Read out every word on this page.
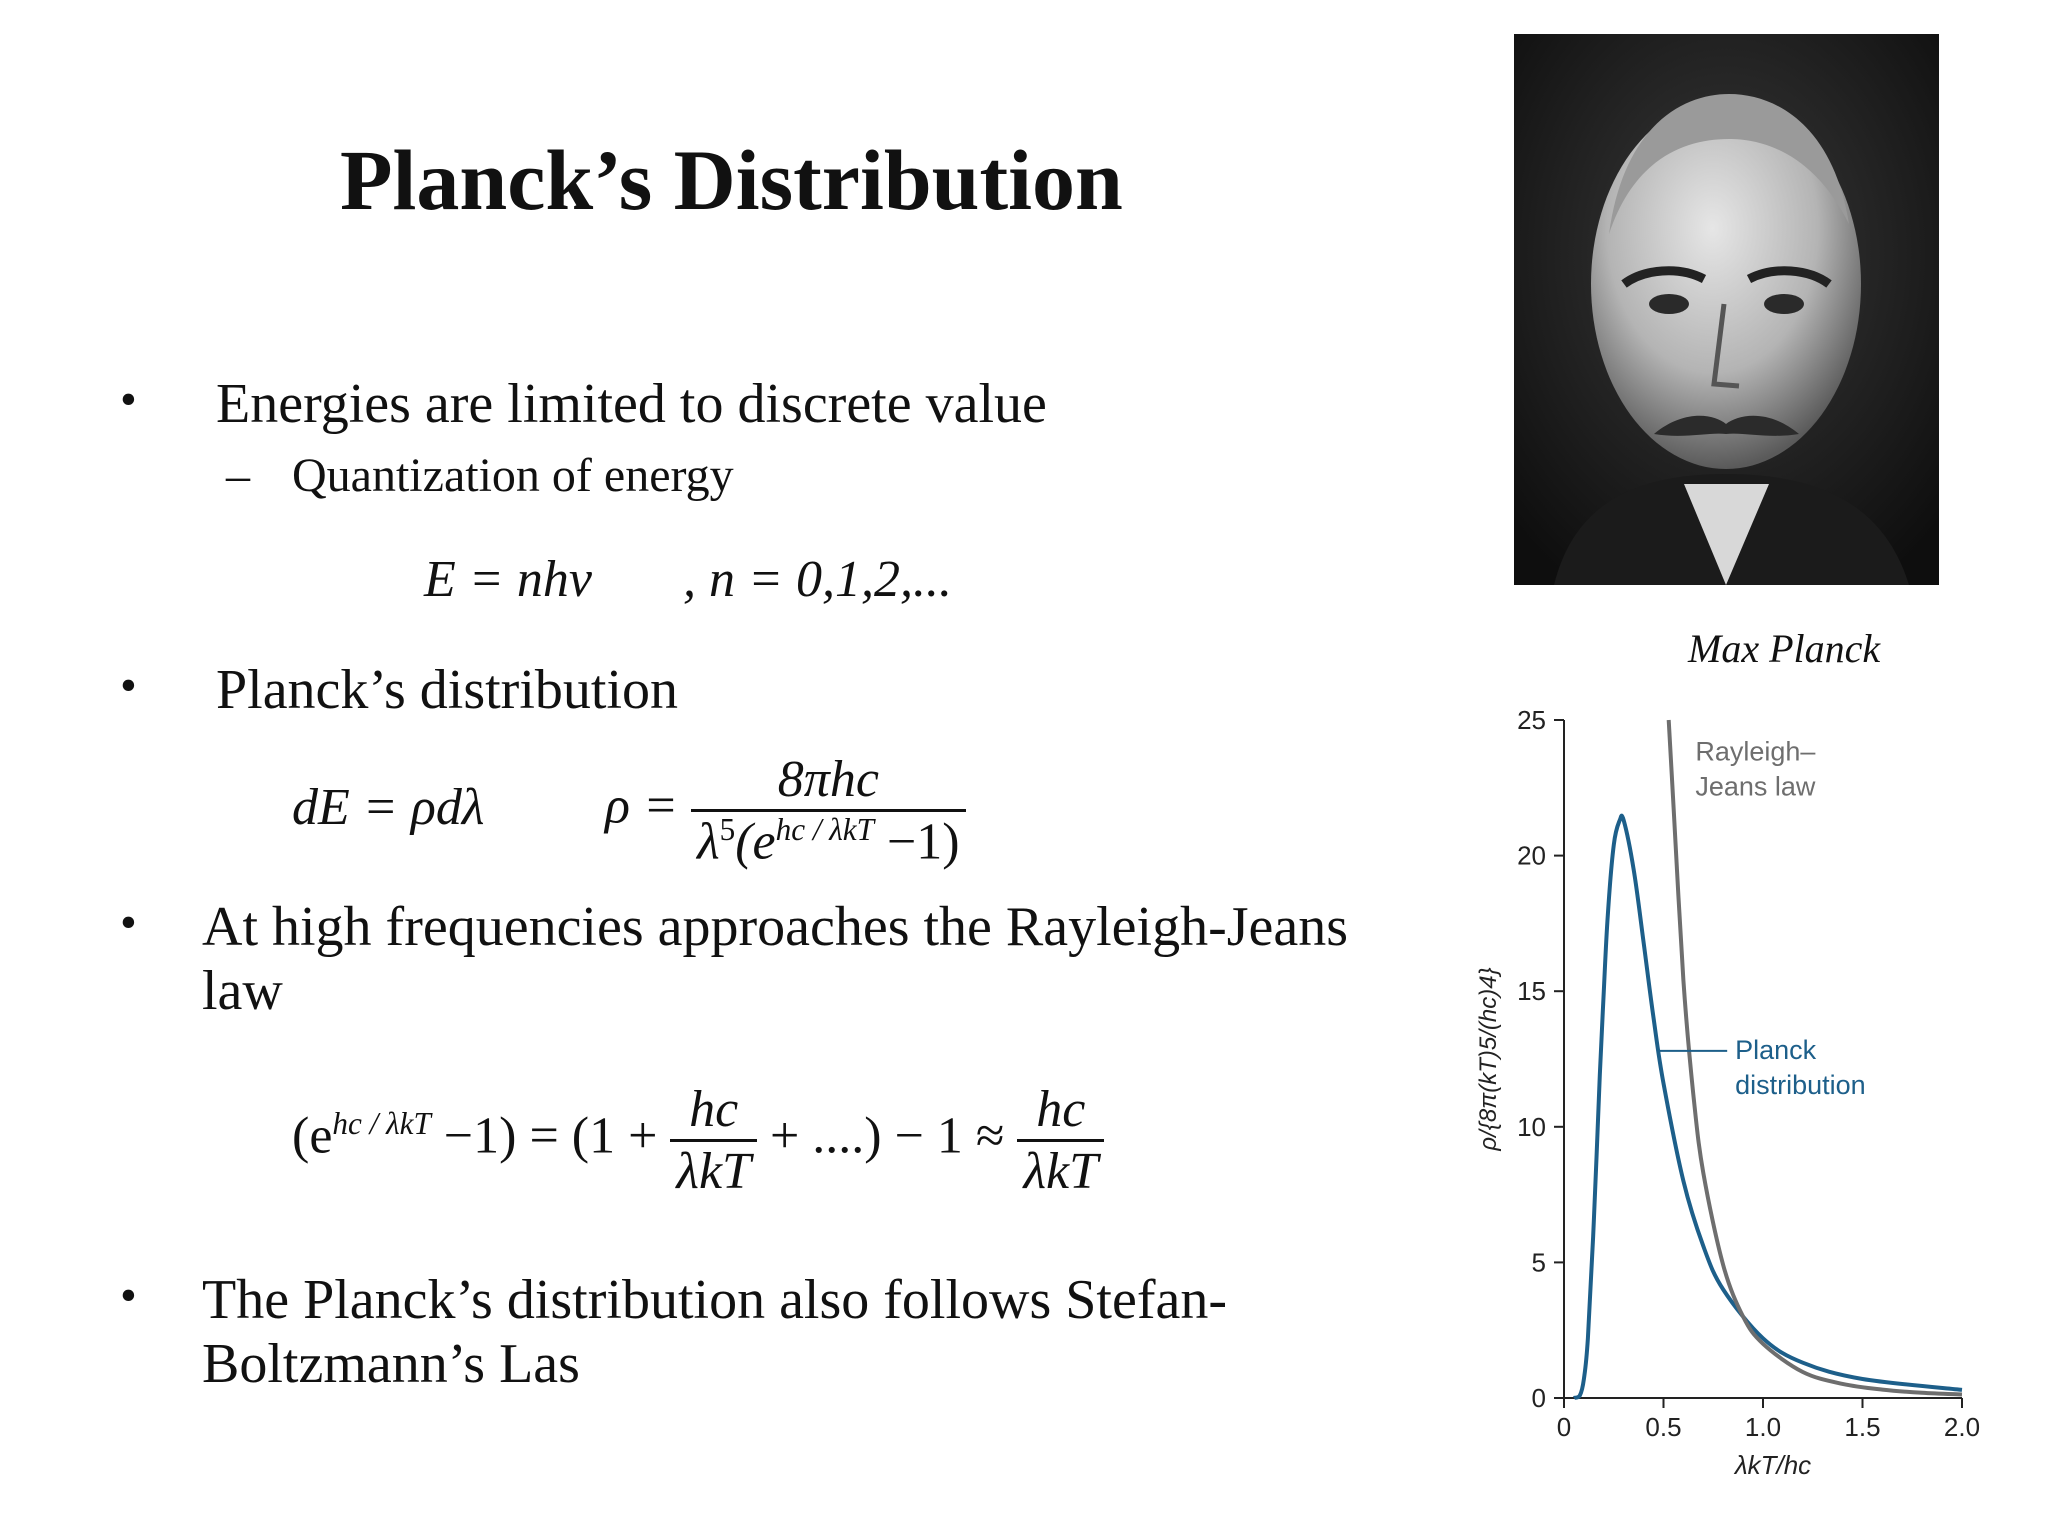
Planck’s Distribution
• Energies are limited to discrete value
– Quantization of energy
E = nhν , n = 0,1,2,...
• Planck’s distribution
dE = ρdλ $\rho = \frac{\text{8πhc}}{\lambda^5(e^{hc / \lambda kT} -1)}$
• At high frequencies approaches the Rayleigh-Jeans
law
$(e^{hc / \lambda kT} -1) = (1 + \frac{hc}{\text{λkT}}$ + ....) − $1 \approx \frac{hc}{\text{λkT}}$
• The Planck’s distribution also follows Stefan-
Boltzmann’s Las
Max Planck
0
5
10
15
20
25
0	0.5 1.0 1.5 2.0
λkT/hc
ρ/{8π(kT)5/(hc)4}
Rayleigh–
Jeans law
Planck
distribution
